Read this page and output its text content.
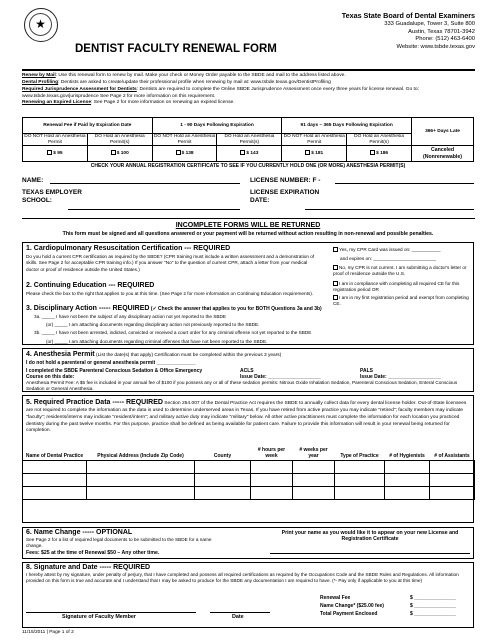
★
DENTIST FACULTY RENEWAL FORM
Texas State Board of Dental Examiners
333 Guadalupe, Tower 3, Suite 800
Austin, Texas 78701-3942
Phone: (512) 463-6400
Website: www.tsbde.texas.gov
Renew by Mail: Use this renewal form to renew by mail. Make your check or Money Order payable to the SBDE and mail to the address listed above.
Dental Profiling: Dentists are asked to create/update their professional profile when renewing by mail at: www.tsbde.texas.gov/DentistProfiling
Required Jurisprudence Assessment for Dentists: Dentists are required to complete the Online SBDE Jurisprudence Assessment once every three years for license renewal. Go to: www.tsbde.texas.gov/jurisprudence See Page 2 for more information on this requirement.
Renewing an Expired License: See Page 2 for more information on renewing an expired license.
Renewal Fee if Paid by Expiration Date		1 - 90 Days Following Expiration		91 days – 365 Days Following Expiration		366+ Days Late
DO NOT Hold an Anesthesia Permit	DO Hold an Anesthesia Permit(s)	DO NOT Hold an Anesthesia Permit	DO Hold an Anesthesia Permit(s)	DO NOT Hold an Anesthesia Permit	DO Hold an Anesthesia Permit(s)	
$ 95	$ 100	$ 138	$ 143	$ 181	$ 186	Canceled (Nonrenewable)
CHECK YOUR ANNUAL REGISTRATION CERTIFICATE TO SEE IF YOU CURRENTLY HOLD ONE (OR MORE) ANESTHESIA PERMIT(S)
NAME:	LICENSE NUMBER: F -
TEXAS EMPLOYER SCHOOL:
LICENSE EXPIRATION DATE:
INCOMPLETE FORMS WILL BE RETURNED
This form must be signed and all questions answered or your payment will be returned without action resulting in non-renewal and possible penalties.
1. Cardiopulmonary Resuscitation Certification --- REQUIRED
Do you hold a current CPR certification as required by the SBDE? (CPR training must include a written assessment and a demonstration of skills. See Page 2 for acceptable CPR training info.) If you answer "No" to the question of current CPR, attach a letter from your medical doctor or proof of residence outside the United States.)
Yes, my CPR Card was issued on: ___________
and expires on: ________________________
No, my CPR is not current. I am submitting a doctor's letter or proof of residence outside the U.S.
2. Continuing Education --- REQUIRED
Please check the box to the right that applies to you at this time. (See Page 2 for more information on Continuing Education requirements).
I am in compliance with completing all required CE for this registration period OR
I am in my first registration period and exempt from completing CE.
3. Disciplinary Action ----- REQUIRED (✓ Check the answer that applies to you for BOTH Questions 3a and 3b)
3a. _____ I have not been the subject of any disciplinary action not yet reported to the SBDE
(or) _____ I am attaching documents regarding disciplinary action not previously reported to the SBDE.
3b. _____ I have not been arrested, indicted, convicted or received a court order for any criminal offense not yet reported to the SBDE
(or) _____ I am attaching documents regarding criminal offenses that have not been reported to the SBDE.
4. Anesthesia Permit (List the date(s) that apply) Certification must be completed within the previous 3 years)
I do not hold a parenteral or general anesthesia permit ______________
I completed the SBDE Parenteral Conscious Sedation & Office Emergency Course on this date:
ACLS
Issue Date: ___________________
PALS
Issue Date: ___________________
Anesthesia Permit Fee: A $5 fee is included in your annual fee of $100 if you possess any or all of these sedation permits: Nitrous Oxide Inhalation Sedation, Parenteral Conscious Sedation, Enteral Conscious Sedation or General Anesthesia.
5. Required Practice Data ----- REQUIRED Section 254.007 of the Dental Practice Act requires the SBDE to annually collect data for every dental license holder. Out-of-State licensees are not required to complete the information as the data is used to determine underserved areas in Texas. If you have retired from active practice you may indicate "retired"; faculty members may indicate "faculty"; residents/interns may indicate "resident/intern"; and military active duty may indicate "military" below. All other active practitioners must complete the information for each location you practiced dentistry during the past twelve months. For this purpose, practice shall be defined as being available for patient care. Failure to provide this information will result in your renewal being returned for completion.
Name of Dental Practice	Physical Address (Include Zip Code)	County	# hours per week	# weeks per year	Type of Practice	# of Hygienists	# of Assistants

6. Name Change ----- OPTIONAL
See Page 2 for a list of required legal documents to be submitted to the SBDE for a name change.
Fees: $25 at the time of Renewal $50 – Any other time.
Print your name as you would like it to appear on your new License and Registration Certificate
8. Signature and Date ----- REQUIRED
I hereby attest by my signature, under penalty of perjury, that I have completed and possess all required certifications as required by the Occupations Code and the SBDE Rules and Regulations. All information provided on this form is true and accurate and I understand that I may be asked to produce for the SBDE any documentation I am required to have. (*- Pay only if applicable to you at this time)
Signature of Faculty Member	Date
Renewal Fee
Name Change* ($25.00 fee)
Total Payment Enclosed
$ _______________
$ _______________
$ _______________
11/15/2011 | Page 1 of 2
